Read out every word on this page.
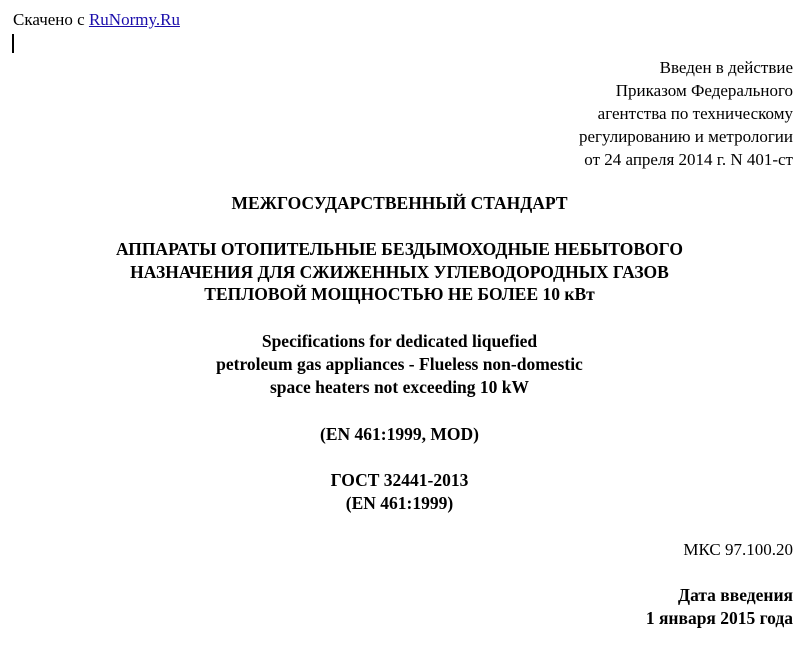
Скачено с RuNormy.Ru
Введен в действие
Приказом Федерального
агентства по техническому
регулированию и метрологии
от 24 апреля 2014 г. N 401-ст
МЕЖГОСУДАРСТВЕННЫЙ СТАНДАРТ
АППАРАТЫ ОТОПИТЕЛЬНЫЕ БЕЗДЫМОХОДНЫЕ НЕБЫТОВОГО
НАЗНАЧЕНИЯ ДЛЯ СЖИЖЕННЫХ УГЛЕВОДОРОДНЫХ ГАЗОВ
ТЕПЛОВОЙ МОЩНОСТЬЮ НЕ БОЛЕЕ 10 кВт
Specifications for dedicated liquefied
petroleum gas appliances - Flueless non-domestic
space heaters not exceeding 10 kW
(EN 461:1999, MOD)
ГОСТ 32441-2013
(EN 461:1999)
МКС 97.100.20
Дата введения
1 января 2015 года
